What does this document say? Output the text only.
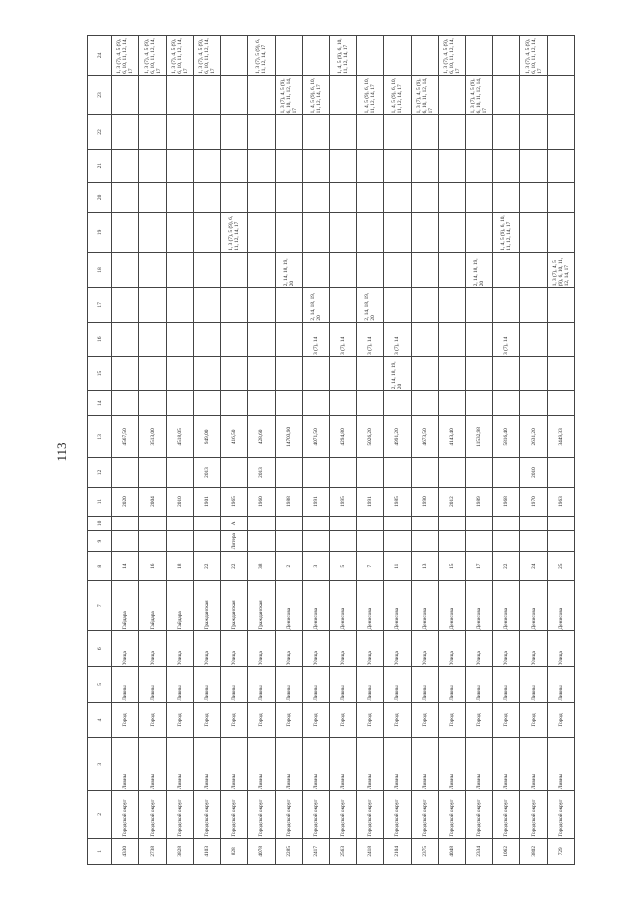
113
1	2	3	4	5	6	7	8	9	10	11	12	13	14	15	16	17	18	19	20	21	22	23	24
4330	Городской округ	Ливны	Город	Ливны	Улица	Гайдара	14			2020		4567,50											1, 3 (7), 4, 5 (9), 6, 10, 11, 12, 14, 17
2738	Городской округ	Ливны	Город	Ливны	Улица	Гайдара	16			2004		3513,00											1, 3 (7), 4, 5 (9), 6, 10, 11, 12, 14, 17
3828	Городской округ	Ливны	Город	Ливны	Улица	Гайдара	18			2010		4518,05											1, 3 (7), 4, 5 (9), 6, 10, 11, 12, 14, 17
4103	Городской округ	Ливны	Город	Ливны	Улица	Гражданская	22			1901	2013	949,00											1, 3 (7), 4, 5 (9), 6, 10, 11, 12, 14, 17
828	Городской округ	Ливны	Город	Ливны	Улица	Гражданская	22	Литера	А	1965		416,50						1, 3 (7), 5 (9), 6, 11, 12, 14, 17					
4078	Городской округ	Ливны	Город	Ливны	Улица	Гражданская	38			1960	2013	428,60											1, 3 (7), 5 (9), 6, 11, 12, 14, 17
2285	Городской округ	Ливны	Город	Ливны	Улица	Денисова	2			1988		14703,90					2, 14, 18, 19, 20					1, 3 (7), 4, 5 (9), 6, 10, 11, 12, 14, 17	
2417	Городской округ	Ливны	Город	Ливны	Улица	Денисова	3			1991		4071,50			3 (7), 14	2, 14, 18, 19, 20						1, 4, 5 (9), 6, 10, 11, 12, 14, 17	
2563	Городской округ	Ливны	Город	Ливны	Улица	Денисова	5			1995		4294,80			3 (7), 14								1, 4, 5 (9), 6, 10, 11, 12, 14, 17
2418	Городской округ	Ливны	Город	Ливны	Улица	Денисова	7			1991		5026,20			3 (7), 14	2, 14, 18, 19, 20						1, 4, 5 (9), 6, 10, 11, 12, 14, 17	
2104	Городской округ	Ливны	Город	Ливны	Улица	Денисова	11			1985		4991,20		2, 14, 18, 19, 20	3 (7), 14							1, 4, 5 (9), 6, 10, 11, 12, 14, 17	
2375	Городской округ	Ливны	Город	Ливны	Улица	Денисова	13			1990		4673,50										1, 3 (7), 4, 5 (9), 6, 10, 11, 12, 14, 17	
4048	Городской округ	Ливны	Город	Ливны	Улица	Денисова	15			2012		4143,40											1, 3 (7), 4, 5 (9), 6, 10, 11, 12, 14, 17
2334	Городской округ	Ливны	Город	Ливны	Улица	Денисова	17			1989		11532,98					2, 14, 18, 19, 20					1, 3 (7), 4, 5 (9), 6, 10, 11, 12, 14, 17	
1062	Городской округ	Ливны	Город	Ливны	Улица	Денисова	22			1968		5816,40			3 (7), 14			1, 4, 5 (9), 6, 10, 11, 12, 14, 17					
3802	Городской округ	Ливны	Город	Ливны	Улица	Денисова	24			1970	2010	2631,20											1, 3 (7), 4, 5 (9), 6, 10, 11, 12, 14, 17
729	Городской округ	Ливны	Город	Ливны	Улица	Денисова	25			1963		3449,33					1, 3 (7), 4, 5 (9), 6, 10, 11, 12, 14, 17						
